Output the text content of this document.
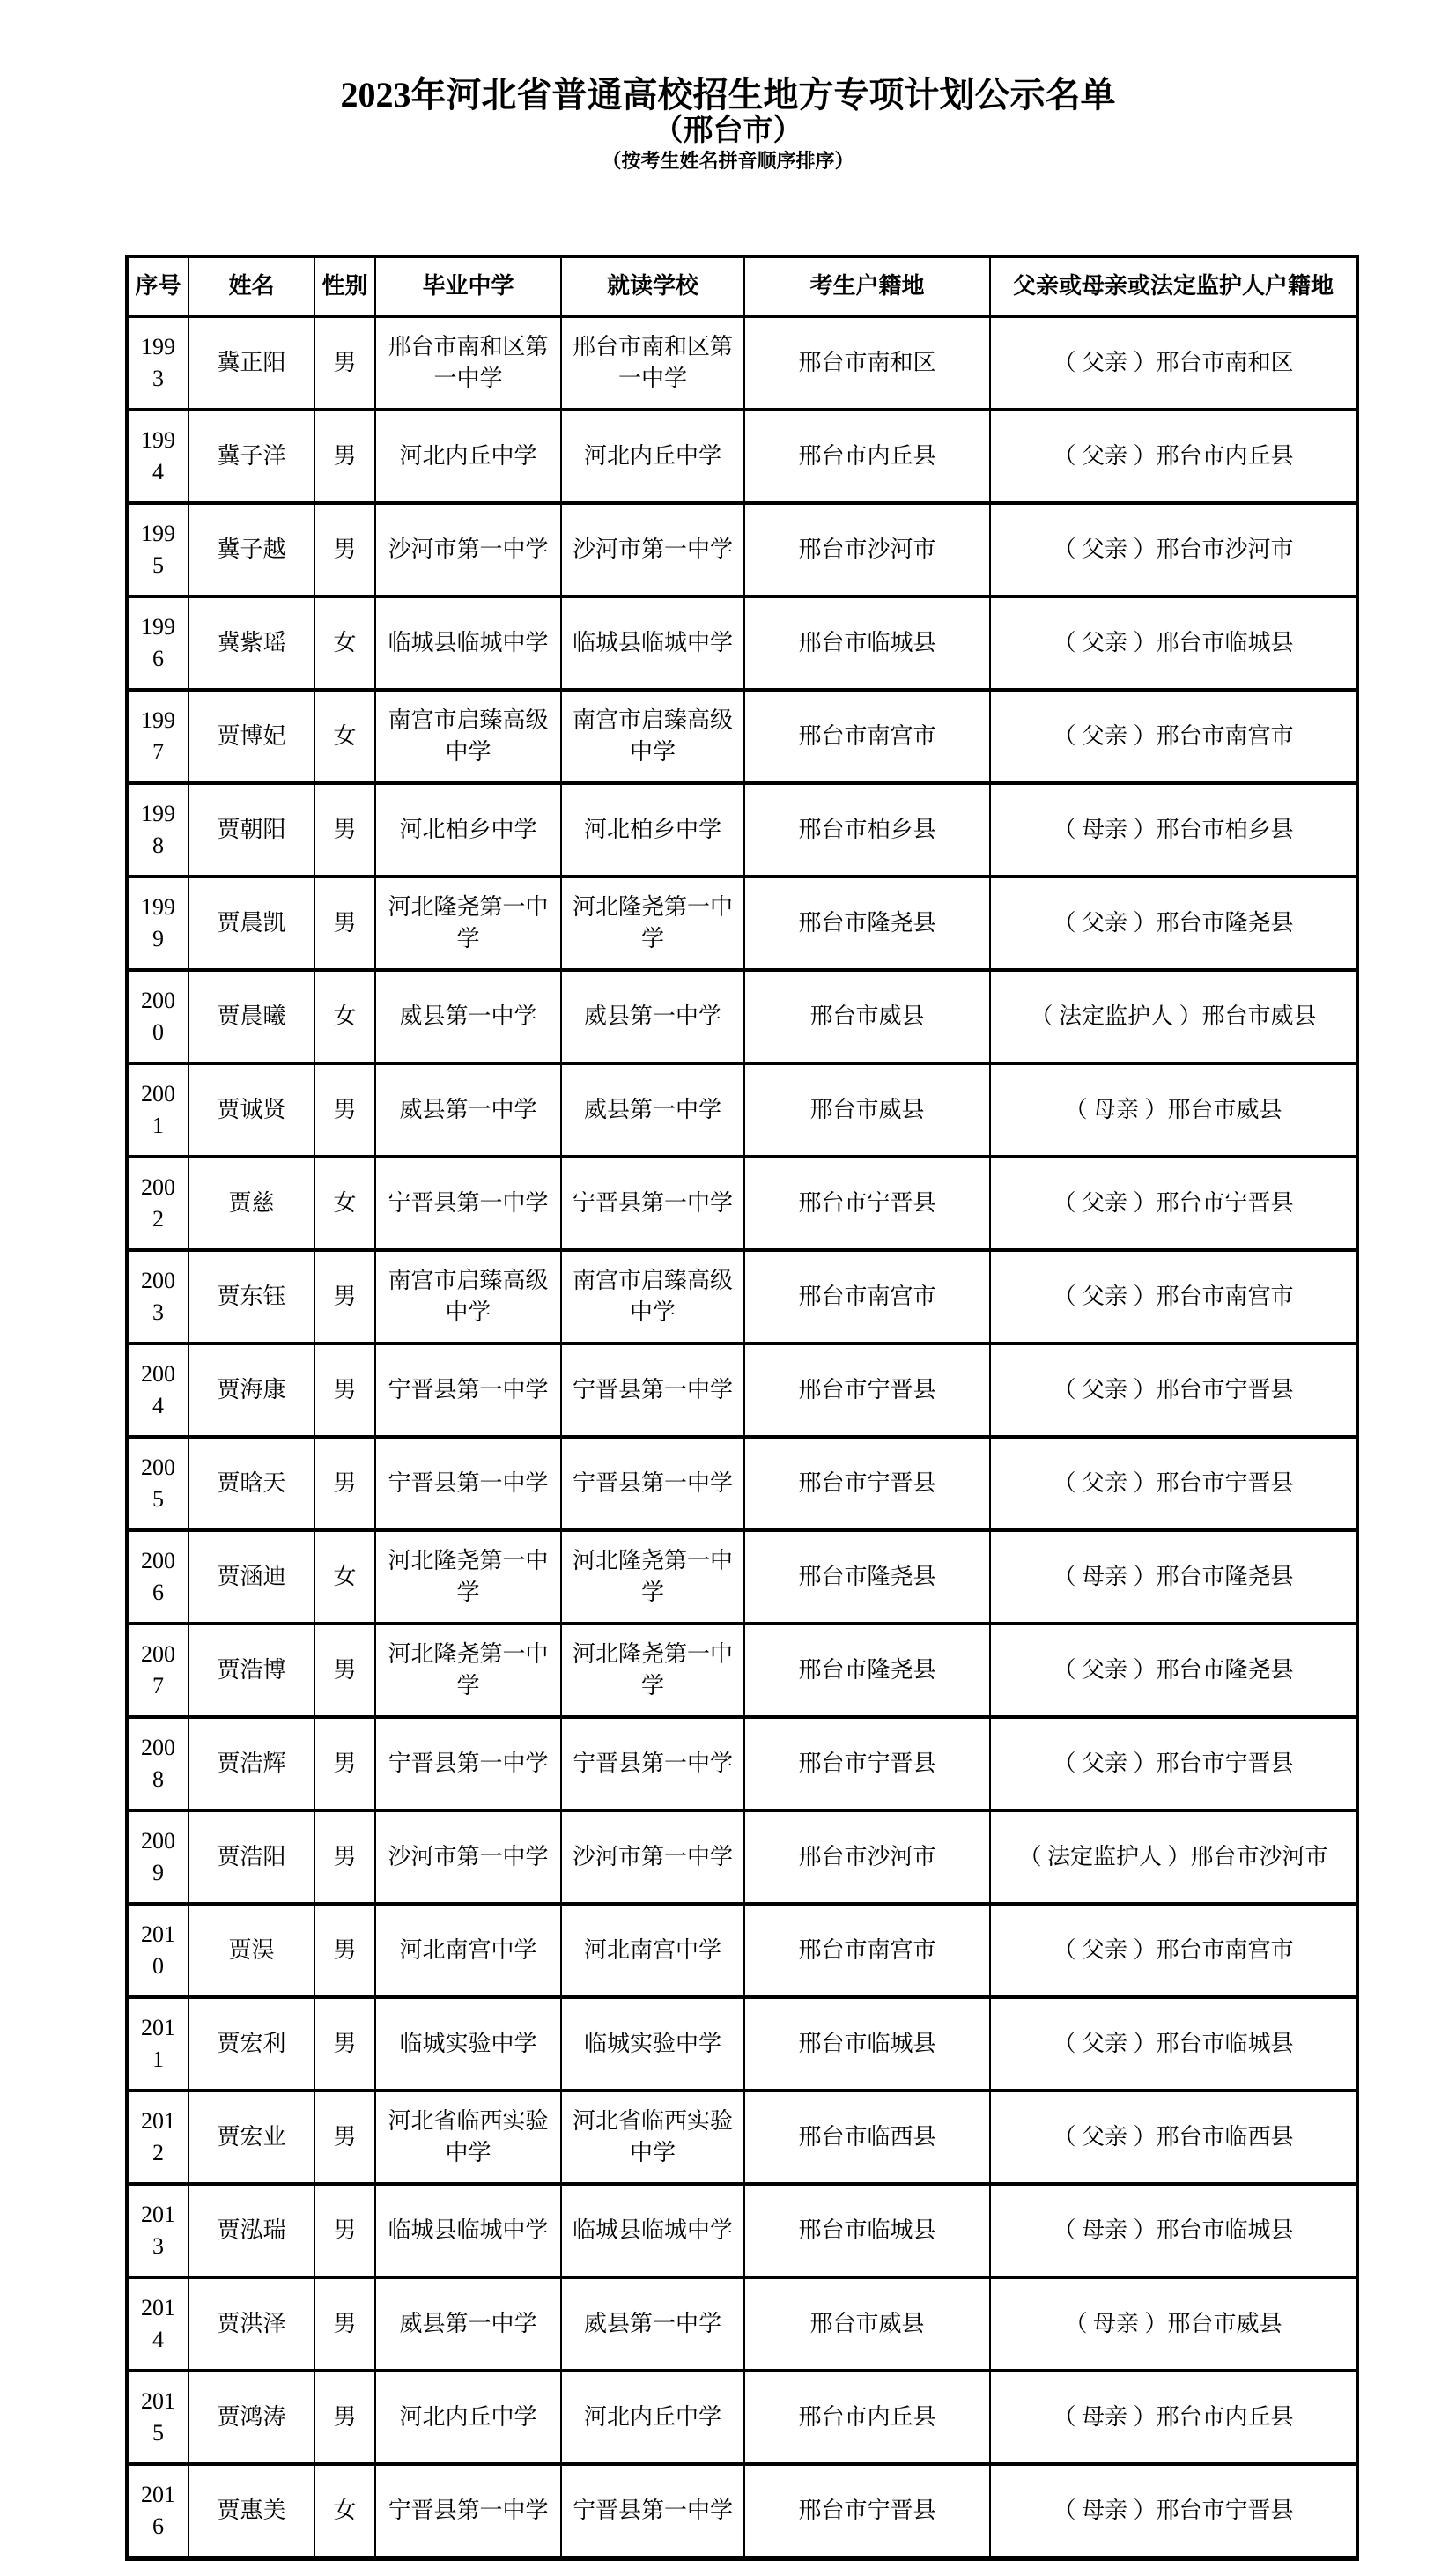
2023年河北省普通高校招生地方专项计划公示名单
（邢台市）
（按考生姓名拼音顺序排序）
序号	姓名	性别	毕业中学	就读学校	考生户籍地	父亲或母亲或法定监护人户籍地
1993	冀正阳	男	邢台市南和区第一中学	邢台市南和区第一中学	邢台市南和区	（ 父亲 ）邢台市南和区
1994	冀子洋	男	河北内丘中学	河北内丘中学	邢台市内丘县	（ 父亲 ）邢台市内丘县
1995	冀子越	男	沙河市第一中学	沙河市第一中学	邢台市沙河市	（ 父亲 ）邢台市沙河市
1996	冀紫瑶	女	临城县临城中学	临城县临城中学	邢台市临城县	（ 父亲 ）邢台市临城县
1997	贾博妃	女	南宫市启臻高级中学	南宫市启臻高级中学	邢台市南宫市	（ 父亲 ）邢台市南宫市
1998	贾朝阳	男	河北柏乡中学	河北柏乡中学	邢台市柏乡县	（ 母亲 ）邢台市柏乡县
1999	贾晨凯	男	河北隆尧第一中学	河北隆尧第一中学	邢台市隆尧县	（ 父亲 ）邢台市隆尧县
2000	贾晨曦	女	威县第一中学	威县第一中学	邢台市威县	（ 法定监护人 ）邢台市威县
2001	贾诚贤	男	威县第一中学	威县第一中学	邢台市威县	（ 母亲 ）邢台市威县
2002	贾慈	女	宁晋县第一中学	宁晋县第一中学	邢台市宁晋县	（ 父亲 ）邢台市宁晋县
2003	贾东钰	男	南宫市启臻高级中学	南宫市启臻高级中学	邢台市南宫市	（ 父亲 ）邢台市南宫市
2004	贾海康	男	宁晋县第一中学	宁晋县第一中学	邢台市宁晋县	（ 父亲 ）邢台市宁晋县
2005	贾晗天	男	宁晋县第一中学	宁晋县第一中学	邢台市宁晋县	（ 父亲 ）邢台市宁晋县
2006	贾涵迪	女	河北隆尧第一中学	河北隆尧第一中学	邢台市隆尧县	（ 母亲 ）邢台市隆尧县
2007	贾浩博	男	河北隆尧第一中学	河北隆尧第一中学	邢台市隆尧县	（ 父亲 ）邢台市隆尧县
2008	贾浩辉	男	宁晋县第一中学	宁晋县第一中学	邢台市宁晋县	（ 父亲 ）邢台市宁晋县
2009	贾浩阳	男	沙河市第一中学	沙河市第一中学	邢台市沙河市	（ 法定监护人 ）邢台市沙河市
2010	贾淏	男	河北南宫中学	河北南宫中学	邢台市南宫市	（ 父亲 ）邢台市南宫市
2011	贾宏利	男	临城实验中学	临城实验中学	邢台市临城县	（ 父亲 ）邢台市临城县
2012	贾宏业	男	河北省临西实验中学	河北省临西实验中学	邢台市临西县	（ 父亲 ）邢台市临西县
2013	贾泓瑞	男	临城县临城中学	临城县临城中学	邢台市临城县	（ 母亲 ）邢台市临城县
2014	贾洪泽	男	威县第一中学	威县第一中学	邢台市威县	（ 母亲 ）邢台市威县
2015	贾鸿涛	男	河北内丘中学	河北内丘中学	邢台市内丘县	（ 母亲 ）邢台市内丘县
2016	贾惠美	女	宁晋县第一中学	宁晋县第一中学	邢台市宁晋县	（ 母亲 ）邢台市宁晋县
